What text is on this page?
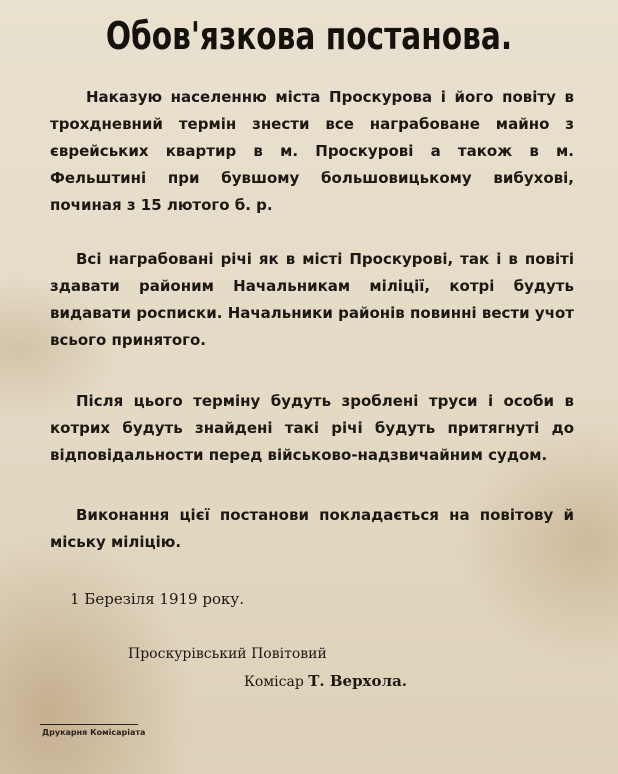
Обов'язкова постанова.
Наказую населенню міста Проскурова і його повіту в трохдневний термін знести все награбоване майно з єврейських квартир в м. Проскурові а також в м. Фельштині при бувшому большовицькому вибухові, починая з 15 лютого б. р.
Всі награбовані річі як в місті Проскурові, так і в повіті здавати районим Начальникам міліції, котрі будуть видавати росписки. Начальники районів повинні вести учот всього принятого.
Після цього терміну будуть зроблені труси і особи в котрих будуть знайдені такі річі будуть притягнуті до відповідальности перед військово-надзвичайним судом.
Виконання цієї постанови покладається на повітову й міську міліцію.
1 Березіля 1919 року.
Проскурівський Повітовий
Комісар Т. Верхола.
Друкарня Комісаріата
